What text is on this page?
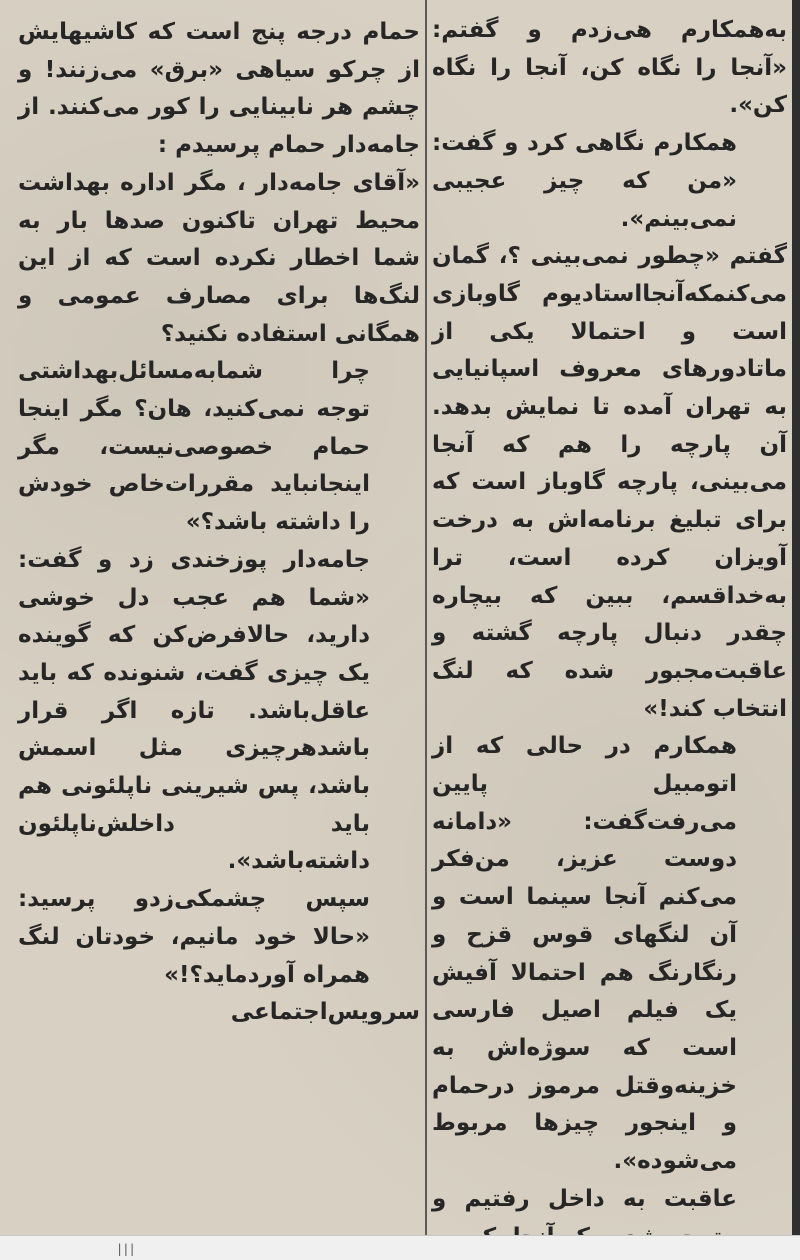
حمام درجه پنج است که کاشیهایش از چرکو سیاهی «برق» می‌زنند! و چشم هر نابینایی را کور می‌کنند. از جامه‌دار حمام پرسیدم :

«آقای جامه‌دار ، مگر اداره بهداشت محیط تهران تاکنون صدها بار به شما اخطار نکرده است که از این لنگ‌ها برای مصارف عمومی و همگانی استفاده نکنید؟

چرا شمابه‌مسائل‌بهداشتی توجه نمی‌کنید، هان؟ مگر اینجا حمام خصوصی‌نیست، مگر اینجانباید مقررات‌خاص خودش را داشته باشد؟»

جامه‌دار پوزخندی زد و گفت: «شما هم عجب دل خوشی دارید، حالافرض‌کن که گوینده یک چیزی گفت، شنونده که باید عاقل‌باشد. تازه اگر قرار باشدهرچیزی مثل اسمش باشد، پس شیرینی ناپلئونی هم باید داخلش‌ناپلئون داشته‌باشد».

سپس چشمکی‌زدو پرسید: «حالا خود مانیم، خودتان لنگ همراه آوردماید؟!»

سرویس‌اجتماعی

به‌همکارم هی‌زدم و گفتم: «آنجا را نگاه کن، آنجا را نگاه کن».

همکارم نگاهی کرد و گفت: «من که چیز عجیبی نمی‌بینم».

گفتم «چطور نمی‌بینی ؟، گمان می‌کنمکه‌آنجا‌استادیوم گاوبازی است و احتمالا یکی از ماتادورهای معروف اسپانیایی به تهران آمده تا نمایش بدهد. آن پارچه را هم که آنجا می‌بینی، پارچه گاوباز است که برای تبلیغ برنامه‌اش به درخت آویزان کرده است، ترا به‌خدا‌قسم، ببین که بیچاره چقدر دنبال پارچه گشته و عاقبت‌مجبور شده که لنگ انتخاب کند!»

همکارم در حالی که از اتومبیل پایین می‌رفت‌گفت: «دامانه دوست عزیز، من‌فکر می‌کنم آنجا سینما است و آن لنگهای قوس قزح و رنگارنگ هم احتمالا آفیش یک فیلم اصیل فارسی است که سوژه‌اش به خزینه‌وقتل مرموز درحمام و اینجور چیزها مربوط می‌شوده».

عاقبت به داخل رفتیم و

|||
